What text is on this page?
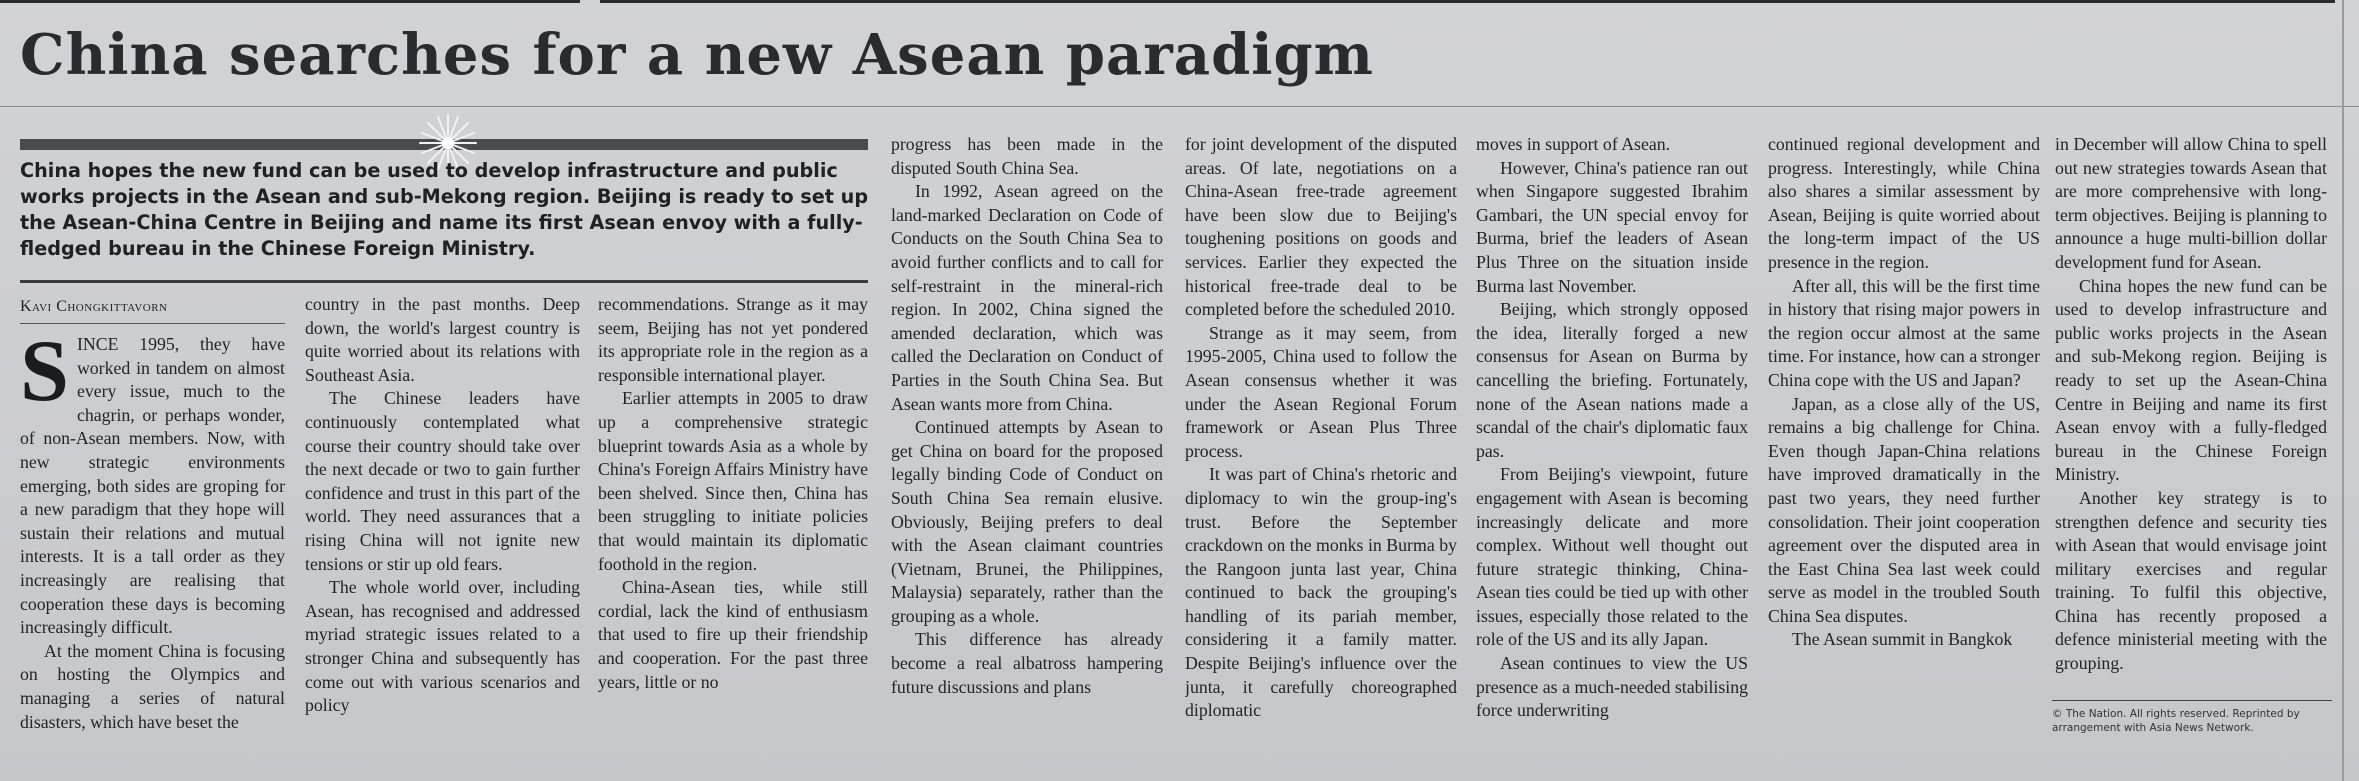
China searches for a new Asean paradigm
China hopes the new fund can be used to develop infrastructure and public works projects in the Asean and sub-Mekong region. Beijing is ready to set up the Asean-China Centre in Beijing and name its first Asean envoy with a fully-fledged bureau in the Chinese Foreign Ministry.
Kavi Chongkittavorn

SINCE 1995, they have worked in tandem on almost every issue, much to the chagrin, or perhaps wonder, of non-Asean members. Now, with new strategic environments emerging, both sides are groping for a new paradigm that they hope will sustain their relations and mutual interests. It is a tall order as they increasingly are realising that cooperation these days is becoming increasingly difficult.

At the moment China is focusing on hosting the Olympics and managing a series of natural disasters, which have beset the

country in the past months. Deep down, the world's largest country is quite worried about its relations with Southeast Asia.

The Chinese leaders have continuously contemplated what course their country should take over the next decade or two to gain further confidence and trust in this part of the world. They need assurances that a rising China will not ignite new tensions or stir up old fears.

The whole world over, including Asean, has recognised and addressed myriad strategic issues related to a stronger China and subsequently has come out with various scenarios and policy

recommendations. Strange as it may seem, Beijing has not yet pondered its appropriate role in the region as a responsible international player.

Earlier attempts in 2005 to draw up a comprehensive strategic blueprint towards Asia as a whole by China's Foreign Affairs Ministry have been shelved. Since then, China has been struggling to initiate policies that would maintain its diplomatic foothold in the region.

China-Asean ties, while still cordial, lack the kind of enthusiasm that used to fire up their friendship and cooperation. For the past three years, little or no

progress has been made in the disputed South China Sea.

In 1992, Asean agreed on the land-marked Declaration on Code of Conducts on the South China Sea to avoid further conflicts and to call for self-restraint in the mineral-rich region. In 2002, China signed the amended declaration, which was called the Declaration on Conduct of Parties in the South China Sea. But Asean wants more from China.

Continued attempts by Asean to get China on board for the proposed legally binding Code of Conduct on South China Sea remain elusive. Obviously, Beijing prefers to deal with the Asean claimant countries (Vietnam, Brunei, the Philippines, Malaysia) separately, rather than the grouping as a whole.

This difference has already become a real albatross hampering future discussions and plans

for joint development of the disputed areas. Of late, negotiations on a China-Asean free-trade agreement have been slow due to Beijing's toughening positions on goods and services. Earlier they expected the historical free-trade deal to be completed before the scheduled 2010.

Strange as it may seem, from 1995-2005, China used to follow the Asean consensus whether it was under the Asean Regional Forum framework or Asean Plus Three process.

It was part of China's rhetoric and diplomacy to win the group-ing's trust. Before the September crackdown on the monks in Burma by the Rangoon junta last year, China continued to back the grouping's handling of its pariah member, considering it a family matter. Despite Beijing's influence over the junta, it carefully choreographed diplomatic

moves in support of Asean.

However, China's patience ran out when Singapore suggested Ibrahim Gambari, the UN special envoy for Burma, brief the leaders of Asean Plus Three on the situation inside Burma last November.

Beijing, which strongly opposed the idea, literally forged a new consensus for Asean on Burma by cancelling the briefing. Fortunately, none of the Asean nations made a scandal of the chair's diplomatic faux pas.

From Beijing's viewpoint, future engagement with Asean is becoming increasingly delicate and more complex. Without well thought out future strategic thinking, China-Asean ties could be tied up with other issues, especially those related to the role of the US and its ally Japan.

Asean continues to view the US presence as a much-needed stabilising force underwriting

continued regional development and progress. Interestingly, while China also shares a similar assessment by Asean, Beijing is quite worried about the long-term impact of the US presence in the region.

After all, this will be the first time in history that rising major powers in the region occur almost at the same time. For instance, how can a stronger China cope with the US and Japan?

Japan, as a close ally of the US, remains a big challenge for China. Even though Japan-China relations have improved dramatically in the past two years, they need further consolidation. Their joint cooperation agreement over the disputed area in the East China Sea last week could serve as model in the troubled South China Sea disputes.

The Asean summit in Bangkok

in December will allow China to spell out new strategies towards Asean that are more comprehensive with long-term objectives. Beijing is planning to announce a huge multi-billion dollar development fund for Asean.

China hopes the new fund can be used to develop infrastructure and public works projects in the Asean and sub-Mekong region. Beijing is ready to set up the Asean-China Centre in Beijing and name its first Asean envoy with a fully-fledged bureau in the Chinese Foreign Ministry.

Another key strategy is to strengthen defence and security ties with Asean that would envisage joint military exercises and regular training. To fulfil this objective, China has recently proposed a defence ministerial meeting with the grouping.

© The Nation. All rights reserved. Reprinted by arrangement with Asia News Network.
